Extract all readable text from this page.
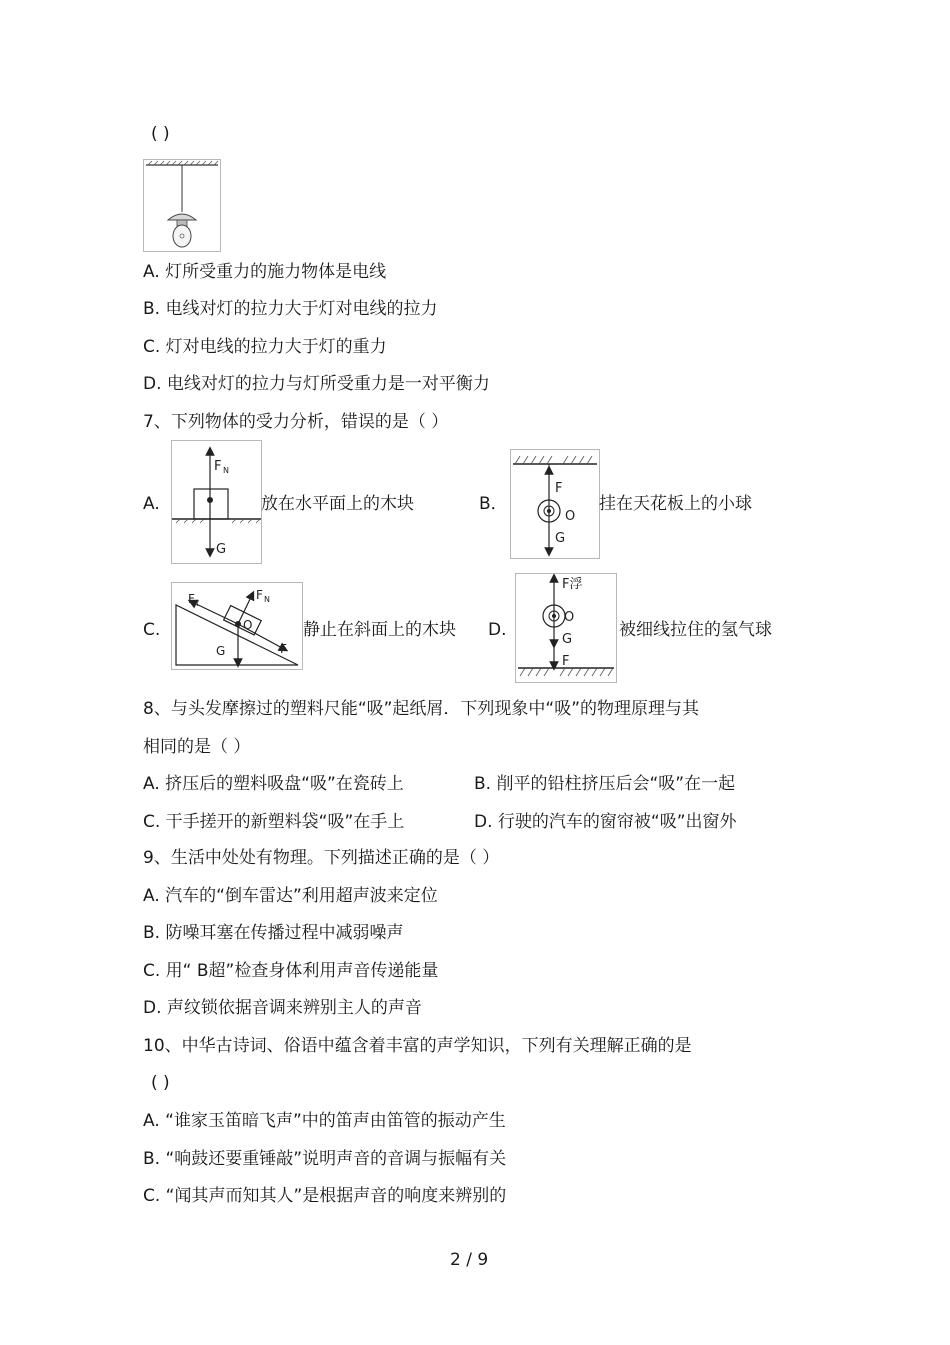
( )
A. 灯所受重力的施力物体是电线
B. 电线对灯的拉力大于灯对电线的拉力
C. 灯对电线的拉力大于灯的重力
D. 电线对灯的拉力与灯所受重力是一对平衡力
7、下列物体的受力分析，错误的是（ ）
A.
F N
G
放在水平面上的木块	B．
F
O
G
挂在天花板上的小球
C.
F f
F N
O
G	F
静止在斜面上的木块 D.
F浮
O
G
F
被细线拉住的氢气球
8、与头发摩擦过的塑料尺能“吸”起纸屑．下列现象中“吸”的物理原理与其
相同的是（ ）
A. 挤压后的塑料吸盘“吸”在瓷砖上	B. 削平的铅柱挤压后会“吸”在一起
C. 干手搓开的新塑料袋“吸”在手上	D. 行驶的汽车的窗帘被“吸”出窗外
9、生活中处处有物理。下列描述正确的是（ ）
A. 汽车的“倒车雷达”利用超声波来定位
B. 防噪耳塞在传播过程中减弱噪声
C. 用“ B超”检查身体利用声音传递能量
D. 声纹锁依据音调来辨别主人的声音
10、中华古诗词、俗语中蕴含着丰富的声学知识，下列有关理解正确的是
( )
A. “谁家玉笛暗飞声”中的笛声由笛管的振动产生
B. “响鼓还要重锤敲”说明声音的音调与振幅有关
C. “闻其声而知其人”是根据声音的响度来辨别的
2 / 9
